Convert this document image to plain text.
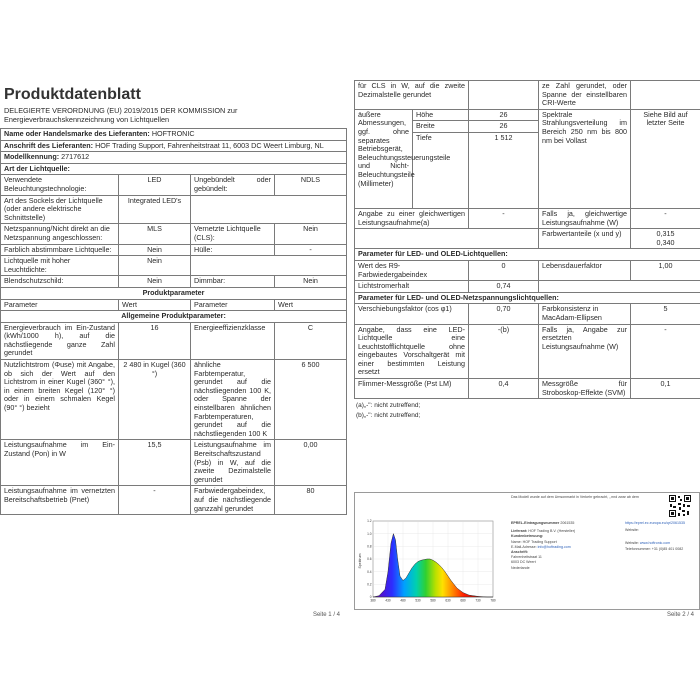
Produktdatenblatt
DELEGIERTE VERORDNUNG (EU) 2019/2015 DER KOMMISSION zur Energieverbrauchskennzeichnung von Lichtquellen
Name oder Handelsmarke des Lieferanten: HOFTRONIC			
Anschrift des Lieferanten: HOF Trading Support, Fahrenheitstraat 11, 6003 DC Weert Limburg, NL			
Modellkennung: 2717612			
Art der Lichtquelle:			
Verwendete Beleuchtungstechnologie:	LED	Ungebündelt oder gebündelt:	NDLS
Art des Sockels der Lichtquelle (oder andere elektrische Schnittstelle)	Integrated LED's		
Netzspannung/Nicht direkt an die Netzspannung angeschlossen:	MLS	Vernetzte Lichtquelle (CLS):	Nein
Farblich abstimmbare Lichtquelle:	Nein	Hülle:	-
Lichtquelle mit hoher Leuchtdichte:	Nein		
Blendschutzschild:	Nein	Dimmbar:	Nein
Produktparameter			
Parameter	Wert	Parameter	Wert
Allgemeine Produktparameter:			
Energieverbrauch im Ein-Zustand (kWh/1000 h), auf die nächstliegende ganze Zahl gerundet	16	Energieeffizienzklasse	C
Nutzlichtstrom (Φuse) mit Angabe, ob sich der Wert auf den Lichtstrom in einer Kugel (360° °), in einem breiten Kegel (120° °) oder in einem schmalen Kegel (90° °) bezieht	2 480 in Kugel (360 °)	ähnliche Farbtemperatur, gerundet auf die nächstliegenden 100 K, oder Spanne der einstellbaren ähnlichen Farbtemperaturen, gerundet auf die nächstliegenden 100 K	6 500
Leistungsaufnahme im Ein-Zustand (Pon) in W	15,5	Leistungsaufnahme im Bereitschaftszustand (Psb) in W, auf die zweite Dezimalstelle gerundet	0,00
Leistungsaufnahme im vernetzten Bereitschaftsbetrieb (Pnet)	-	Farbwiedergabeindex, auf die nächstliegende ganzzahl gerundet	80
Seite 1 / 4
für CLS in W, auf die zweite Dezimalstelle gerundet			ze Zahl gerundet, oder Spanne der einstellbaren CRI-Werte	
äußere Abmessungen, ggf. ohne separates Betriebsgerät, Beleuchtungssteuerungsteile und Nicht-Beleuchtungsteile (Millimeter)	Höhe	26	Spektrale Strahlungsverteilung im Bereich 250 nm bis 800 nm bei Vollast	Siehe Bild auf letzter Seite
	Breite	26		
	Tiefe	1 512		
Angabe zu einer gleichwertigen Leistungsaufnahme(a)		-	Falls ja, gleichwertige Leistungsaufnahme (W)	-
			Farbwertanteile (x und y)	0,315
0,340
Parameter für LED- und OLED-Lichtquellen:				
Wert des R9-Farbwiedergabeindex		0	Lebensdauerfaktor	1,00
Lichtstromerhalt		0,74		
Parameter für LED- und OLED-Netzspannungslichtquellen:				
Verschiebungsfaktor (cos φ1)		0,70	Farbkonsistenz in MacAdam-Ellipsen	5
Angabe, dass eine LED-Lichtquelle eine Leuchtstofflichtquelle ohne eingebautes Vorschaltgerät mit einer bestimmten Leistung ersetzt		-(b)	Falls ja, Angabe zur ersetzten Leistungsaufnahme (W)	-
Flimmer-Messgröße (Pst LM)		0,4	Messgröße für Stroboskop-Effekte (SVM)	0,1
(a)„-": nicht zutreffend;
(b)„-": nicht zutreffend;
Das Modell wurde auf dem Umsonmarkt in Verkehr gebracht, ,,nnd zwar ab dem
380	430	480	530	580	630	680	730	780
0
0.2
0.4
0.6
0.8
1.0
1.2
Spektrum
EPREL-Eintragungsnummer 2061535
Lieferant: HOF Trading B.V. (Hersteller)
Kundenbetreuung:
Name: HOF Trading Support
E-Mail-Adresse: info@hoftrading.com
Anschrift:
Fahrenheitstraat 11
6003 DC Weert
Nederlande
https://eprel.ec.europa.eu/qr/2061535
Website:
Website: www.hoftronic.com
Telefonnummer: +31 (0)85 401 0082
Seite 2 / 4
